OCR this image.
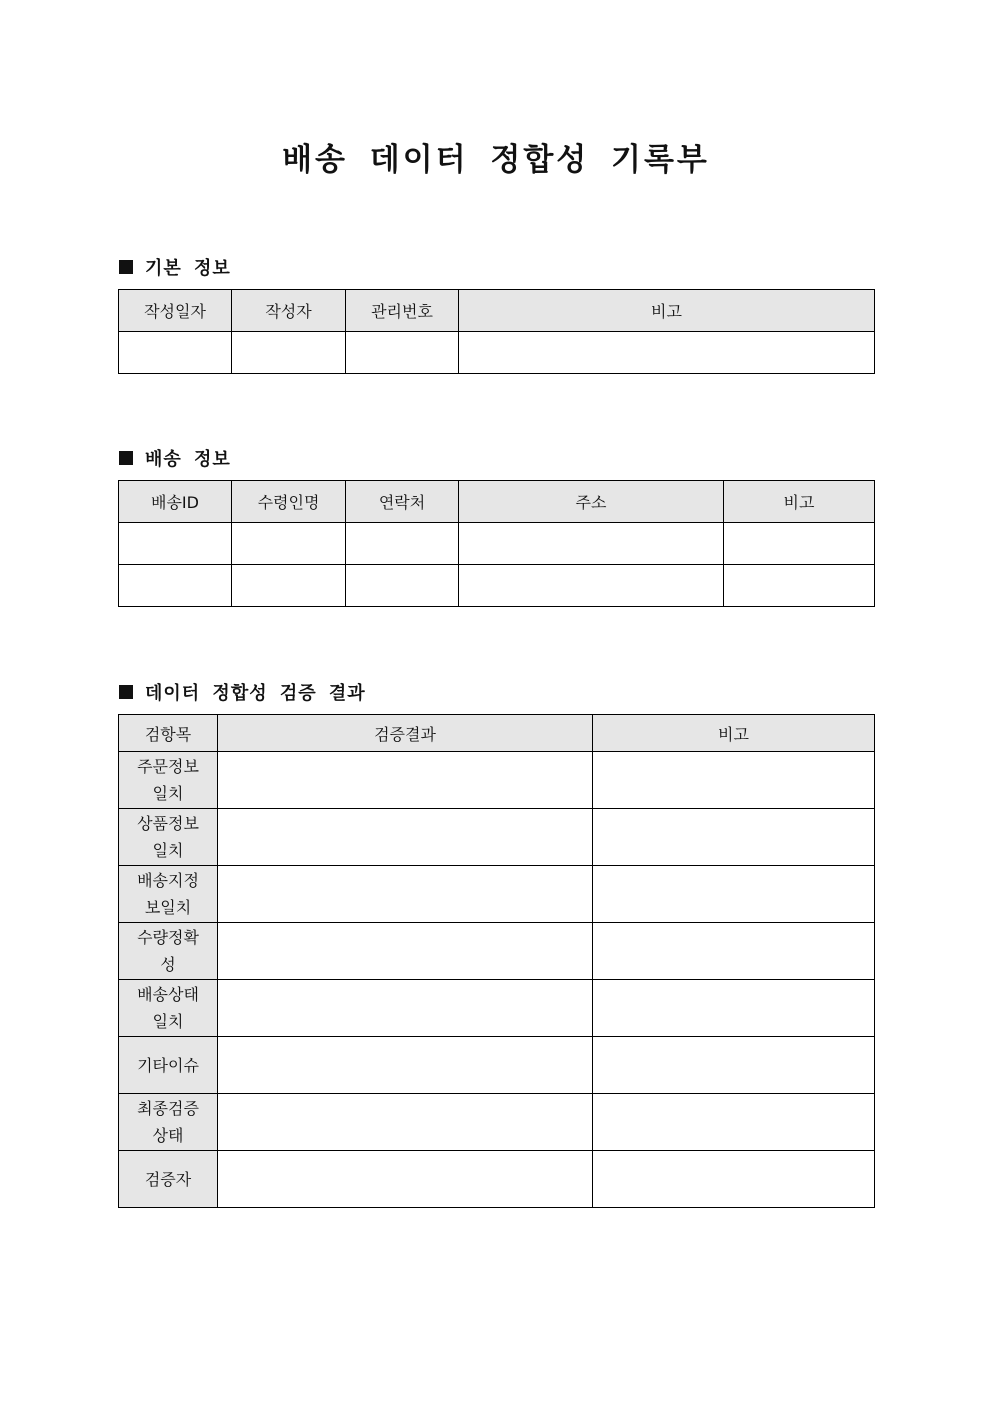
배송 데이터 정합성 기록부
기본 정보
작성일자	작성자	관리번호	비고

배송 정보
배송ID	수령인명	연락처	주소	비고

데이터 정합성 검증 결과
검항목	검증결과	비고
주문정보 일치		
상품정보 일치		
배송지정 보일치		
수량정확 성		
배송상태 일치		
기타이슈		
최종검증 상태		
검증자		
